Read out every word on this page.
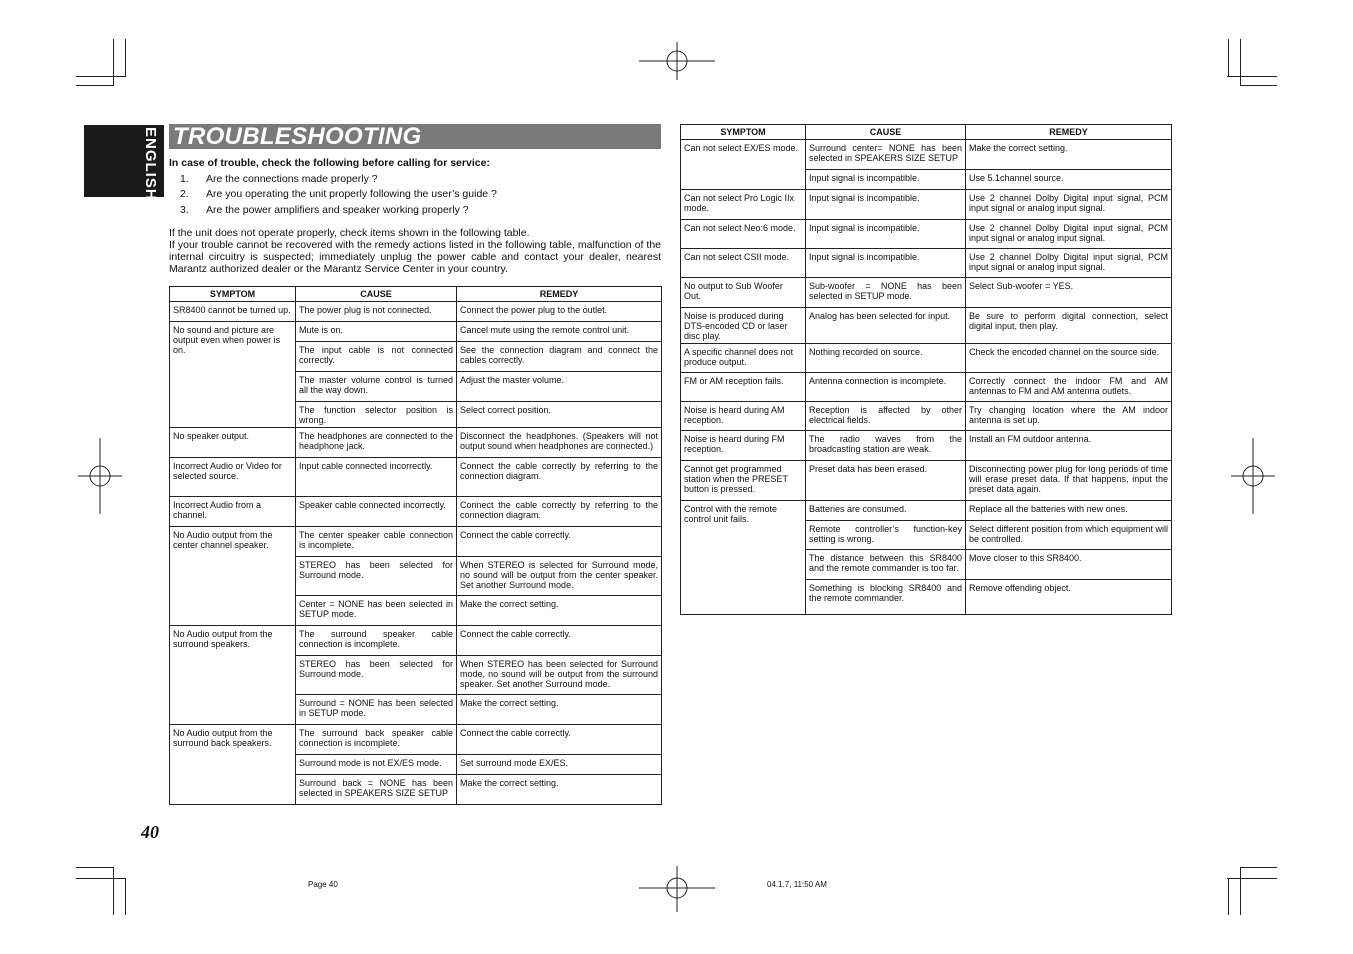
ENGLISH TROUBLESHOOTING
In case of trouble, check the following before calling for service:
1. Are the connections made properly ?
2. Are you operating the unit properly following the user’s guide ?
3. Are the power amplifiers and speaker working properly ?
If the unit does not operate properly, check items shown in the following table.
If your trouble cannot be recovered with the remedy actions listed in the following table, malfunction of the internal circuitry is suspected; immediately unplug the power cable and contact your dealer, nearest Marantz authorized dealer or the Marantz Service Center in your country.
SYMPTOM	CAUSE	REMEDY
SR8400 cannot be turned up.	The power plug is not connected.	Connect the power plug to the outlet.
No sound and picture are output even when power is on.	Mute is on.	Cancel mute using the remote control unit.
	The input cable is not connected correctly.	See the connection diagram and connect the cables correctly.
	The master volume control is turned all the way down.	Adjust the master volume.
	The function selector position is wrong.	Select correct position.
No speaker output.	The headphones are connected to the headphone jack.	Disconnect the headphones. (Speakers will not output sound when headphones are connected.)
Incorrect Audio or Video for selected source.	Input cable connected incorrectly.	Connect the cable correctly by referring to the connection diagram.
Incorrect Audio from a channel.	Speaker cable connected incorrectly.	Connect the cable correctly by referring to the connection diagram.
No Audio output from the center channel speaker.	The center speaker cable connection is incomplete.	Connect the cable correctly.
	STEREO has been selected for Surround mode.	When STEREO is selected for Surround mode, no sound will be output from the center speaker. Set another Surround mode.
	Center = NONE has been selected in SETUP mode.	Make the correct setting.
No Audio output from the surround speakers.	The surround speaker cable connection is incomplete.	Connect the cable correctly.
	STEREO has been selected for Surround mode.	When STEREO has been selected for Surround mode, no sound will be output from the surround speaker. Set another Surround mode.
	Surround = NONE has been selected in SETUP mode.	Make the correct setting.
No Audio output from the surround back speakers.	The surround back speaker cable connection is incomplete.	Connect the cable correctly.
	Surround mode is not EX/ES mode.	Set surround mode EX/ES.
	Surround back = NONE has been selected in SPEAKERS SIZE SETUP	Make the correct setting.
SYMPTOM	CAUSE	REMEDY
Can not select EX/ES mode.	Surround center= NONE has been selected in SPEAKERS SIZE SETUP	Make the correct setting.
	Input signal is incompatible.	Use 5.1channel source.
Can not select Pro Logic IIx mode.	Input signal is incompatible.	Use 2 channel Dolby Digital input signal, PCM input signal or analog input signal.
Can not select Neo:6 mode.	Input signal is incompatible.	Use 2 channel Dolby Digital input signal, PCM input signal or analog input signal.
Can not select CSII mode.	Input signal is incompatible.	Use 2 channel Dolby Digital input signal, PCM input signal or analog input signal.
No output to Sub Woofer Out.	Sub-woofer = NONE has been selected in SETUP mode.	Select Sub-woofer = YES.
Noise is produced during DTS-encoded CD or laser disc play.	Analog has been selected for input.	Be sure to perform digital connection, select digital input, then play.
A specific channel does not produce output.	Nothing recorded on source.	Check the encoded channel on the source side.
FM or AM reception fails.	Antenna connection is incomplete.	Correctly connect the indoor FM and AM antennas to FM and AM antenna outlets.
Noise is heard during AM reception.	Reception is affected by other electrical fields.	Try changing location where the AM indoor antenna is set up.
Noise is heard during FM reception.	The radio waves from the broadcasting station are weak.	Install an FM outdoor antenna.
Cannot get programmed station when the PRESET button is pressed.	Preset data has been erased.	Disconnecting power plug for long periods of time will erase preset data. If that happens, input the preset data again.
Control with the remote control unit fails.	Batteries are consumed.	Replace all the batteries with new ones.
	Remote controller’s function-key setting is wrong.	Select different position from which equipment will be controlled.
	The distance between this SR8400 and the remote commander is too far.	Move closer to this SR8400.
	Something is blocking SR8400 and the remote commander.	Remove offending object.
40
Page 40	04.1.7, 11:50 AM
